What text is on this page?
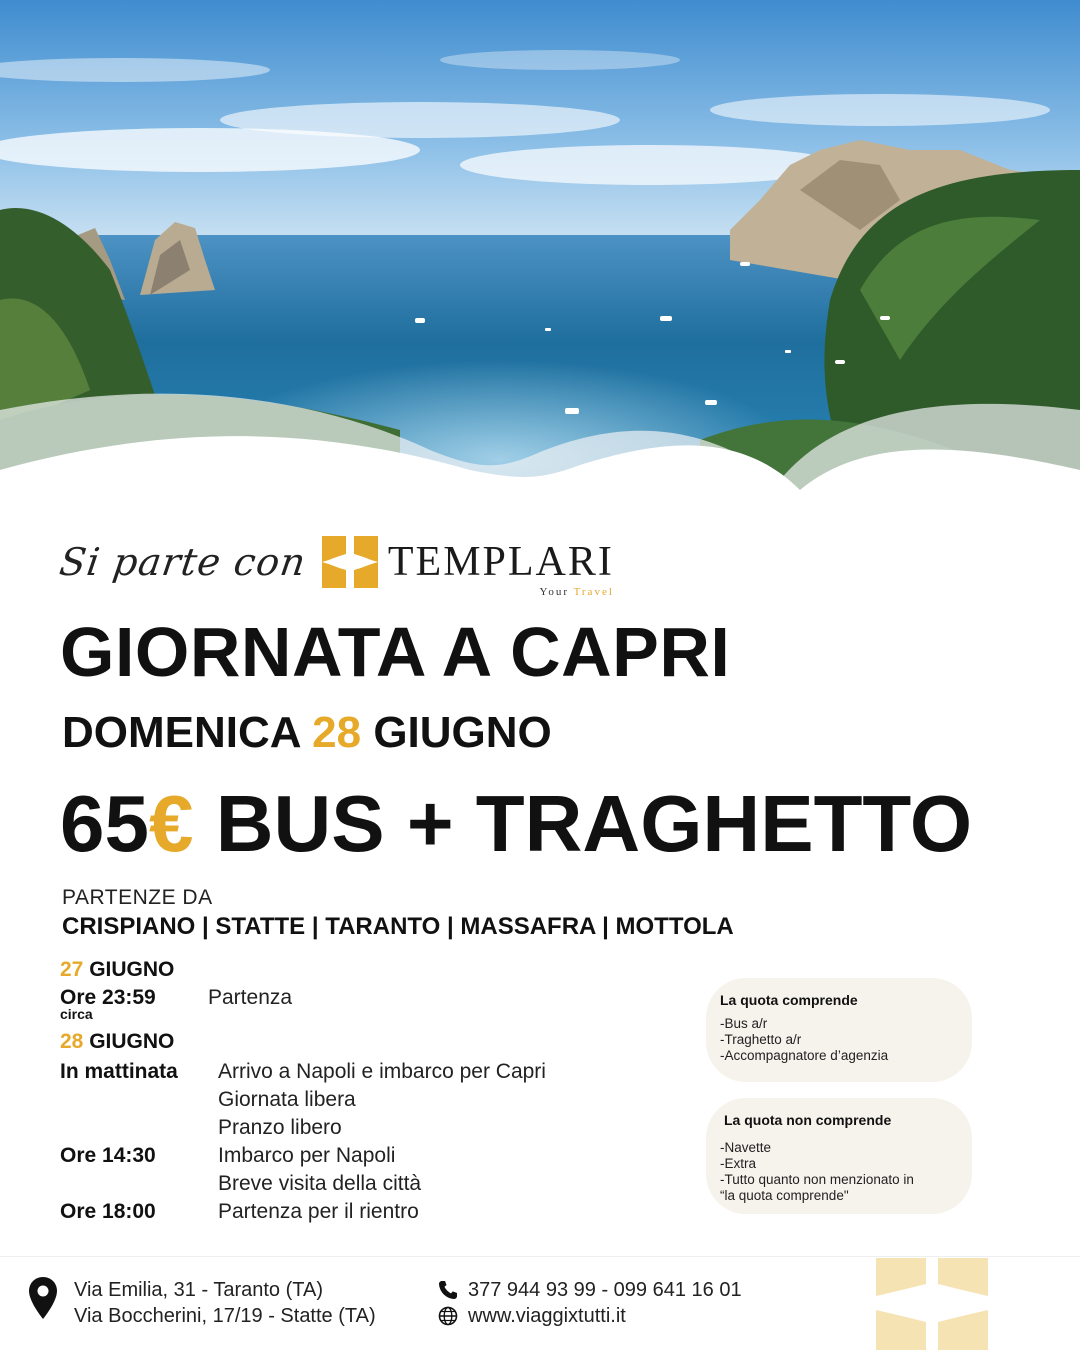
Si parte con TEMPLARI
Your Travel
GIORNATA A CAPRI
DOMENICA 28 GIUGNO
65€ BUS + TRAGHETTO
PARTENZE DA
CRISPIANO | STATTE | TARANTO | MASSAFRA | MOTTOLA
27 GIUGNO
Ore 23:59 Partenza
circa
28 GIUGNO
In mattinata Arrivo a Napoli e imbarco per Capri
Giornata libera
Pranzo libero
Ore 14:30	Imbarco per Napoli
Breve visita della città
Ore 18:00	Partenza per il rientro
La quota comprende
-Bus a/r
-Traghetto a/r
-Accompagnatore d’agenzia
La quota non comprende
-Navette
-Extra
-Tutto quanto non menzionato in
“la quota comprende"
Via Emilia, 31 - Taranto (TA)
Via Boccherini, 17/19 - Statte (TA)
377 944 93 99 - 099 641 16 01
www.viaggixtutti.it
